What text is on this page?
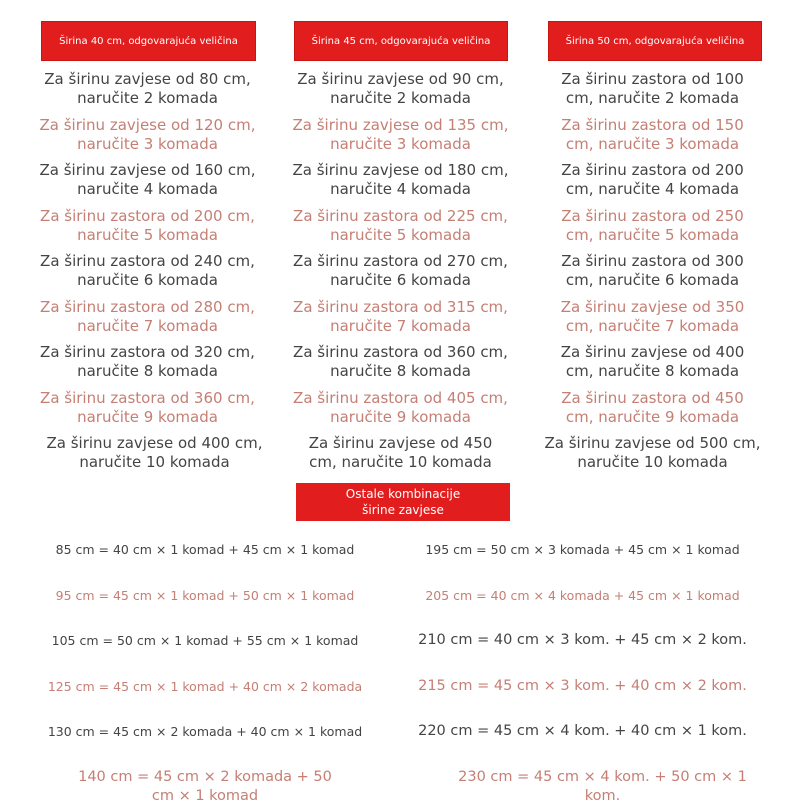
Širina 40 cm, odgovarajuća veličina	Širina 45 cm, odgovarajuća veličina	Širina 50 cm, odgovarajuća veličina
Za širinu zavjese od 80 cm, naručite 2 komada
Za širinu zavjese od 120 cm, naručite 3 komada
Za širinu zavjese od 160 cm, naručite 4 komada
Za širinu zastora od 200 cm, naručite 5 komada
Za širinu zastora od 240 cm, naručite 6 komada
Za širinu zastora od 280 cm, naručite 7 komada
Za širinu zastora od 320 cm, naručite 8 komada
Za širinu zastora od 360 cm, naručite 9 komada
Za širinu zavjese od 400 cm, naručite 10 komada
Za širinu zavjese od 90 cm, naručite 2 komada
Za širinu zavjese od 135 cm, naručite 3 komada
Za širinu zavjese od 180 cm, naručite 4 komada
Za širinu zastora od 225 cm, naručite 5 komada
Za širinu zastora od 270 cm, naručite 6 komada
Za širinu zastora od 315 cm, naručite 7 komada
Za širinu zastora od 360 cm, naručite 8 komada
Za širinu zastora od 405 cm, naručite 9 komada
Za širinu zavjese od 450 cm, naručite 10 komada
Za širinu zastora od 100 cm, naručite 2 komada
Za širinu zastora od 150 cm, naručite 3 komada
Za širinu zastora od 200 cm, naručite 4 komada
Za širinu zastora od 250 cm, naručite 5 komada
Za širinu zastora od 300 cm, naručite 6 komada
Za širinu zavjese od 350 cm, naručite 7 komada
Za širinu zavjese od 400 cm, naručite 8 komada
Za širinu zastora od 450 cm, naručite 9 komada
Za širinu zavjese od 500 cm, naručite 10 komada
Ostale kombinacije širine zavjese
85 cm = 40 cm × 1 komad + 45 cm × 1 komad
95 cm = 45 cm × 1 komad + 50 cm × 1 komad
105 cm = 50 cm × 1 komad + 55 cm × 1 komad
125 cm = 45 cm × 1 komad + 40 cm × 2 komada
130 cm = 45 cm × 2 komada + 40 cm × 1 komad
140 cm = 45 cm × 2 komada + 50 cm × 1 komad
195 cm = 50 cm × 3 komada + 45 cm × 1 komad
205 cm = 40 cm × 4 komada + 45 cm × 1 komad
210 cm = 40 cm × 3 kom. + 45 cm × 2 kom.
215 cm = 45 cm × 3 kom. + 40 cm × 2 kom.
220 cm = 45 cm × 4 kom. + 40 cm × 1 kom.
230 cm = 45 cm × 4 kom. + 50 cm × 1 kom.
